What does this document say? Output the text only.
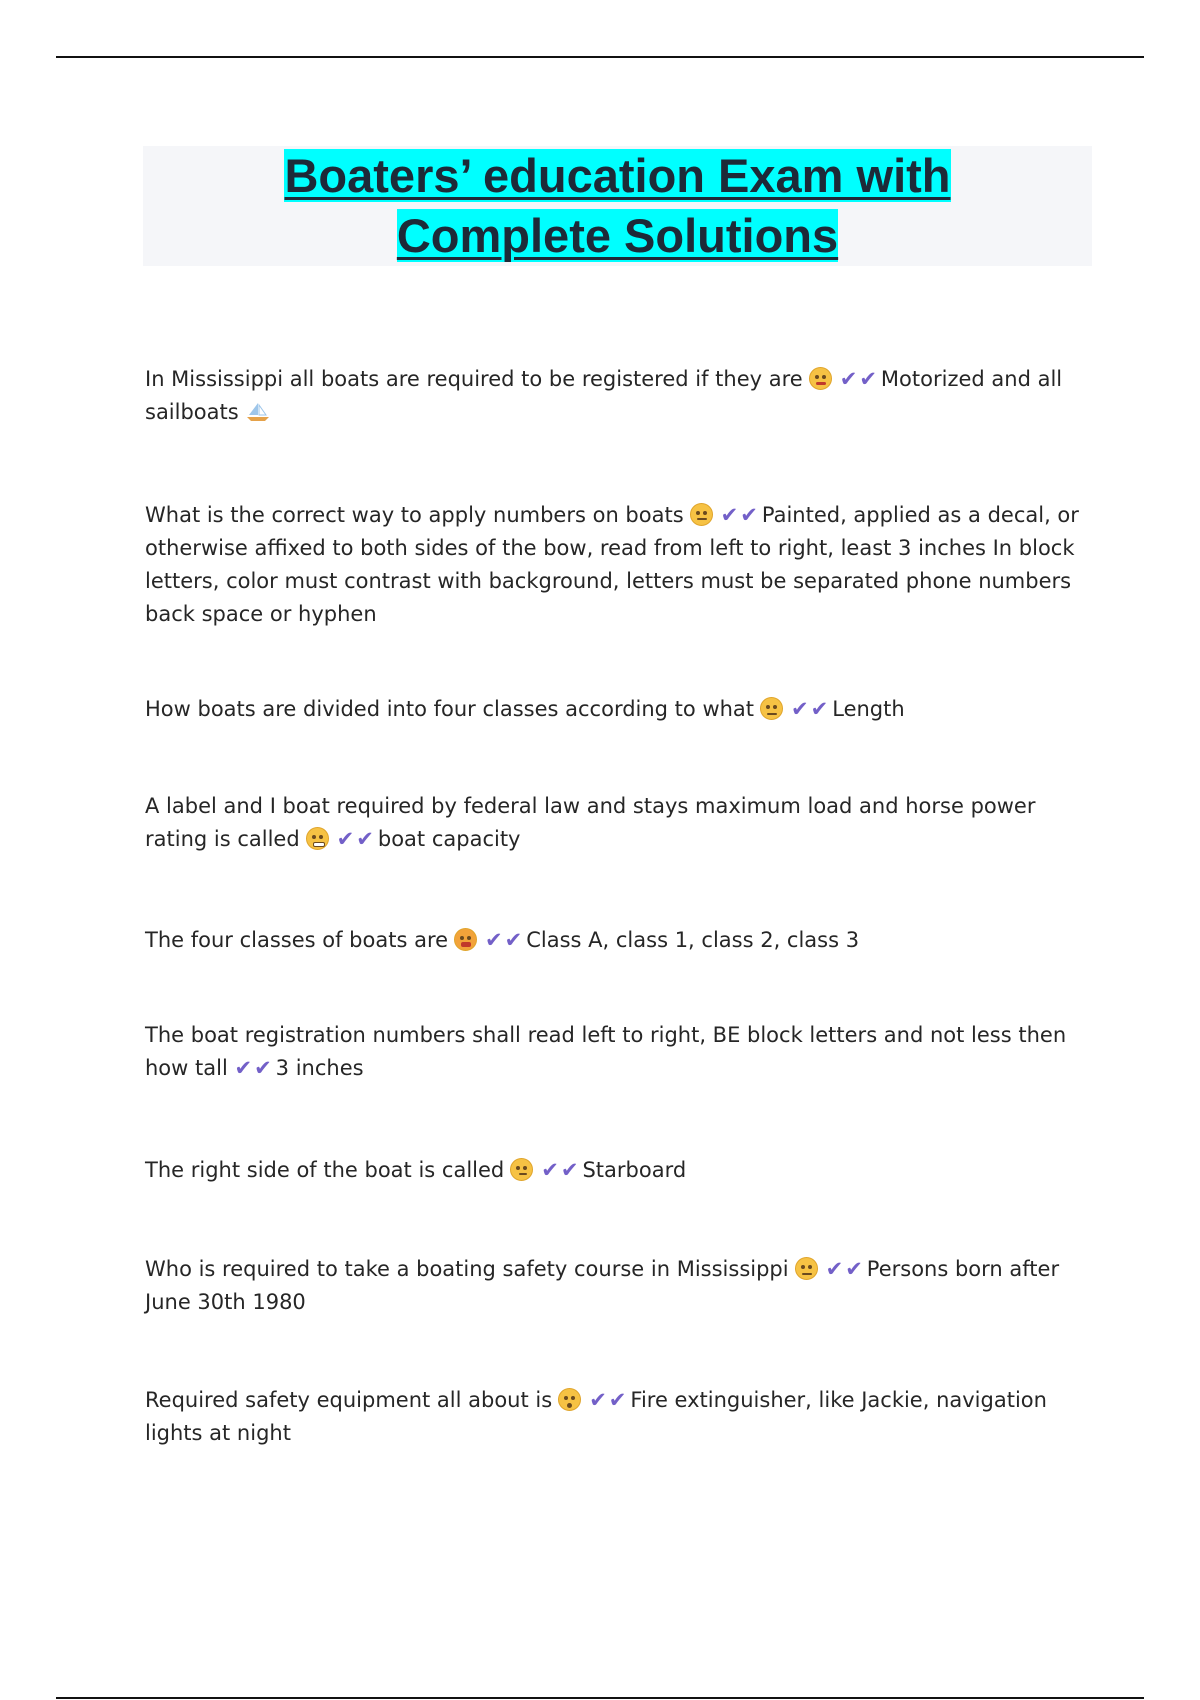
Boaters’ education Exam with
Complete Solutions
In Mississippi all boats are required to be registered if they are ✔✔Motorized and all sailboats
What is the correct way to apply numbers on boats ✔✔Painted, applied as a decal, or otherwise affixed to both sides of the bow, read from left to right, least 3 inches In block letters, color must contrast with background, letters must be separated phone numbers back space or hyphen
How boats are divided into four classes according to what ✔✔Length
A label and I boat required by federal law and stays maximum load and horse power rating is called ✔✔boat capacity
The four classes of boats are ✔✔Class A, class 1, class 2, class 3
The boat registration numbers shall read left to right, BE block letters and not less then how tall ✔✔3 inches
The right side of the boat is called ✔✔Starboard
Who is required to take a boating safety course in Mississippi ✔✔Persons born after June 30th 1980
Required safety equipment all about is ✔✔Fire extinguisher, like Jackie, navigation lights at night
